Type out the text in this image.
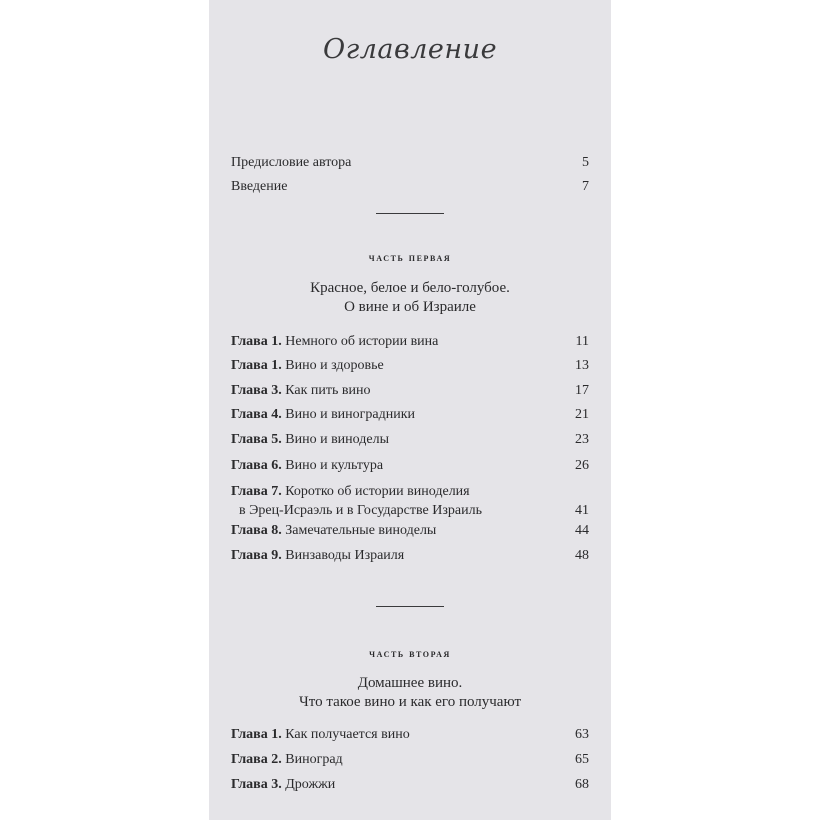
Оглавление
Предисловие автора	5
Введение	7
часть первая
Красное, белое и бело-голубое.
О вине и об Израиле
Глава 1. Немного об истории вина	11
Глава 1. Вино и здоровье	13
Глава 3. Как пить вино	17
Глава 4. Вино и виноградники	21
Глава 5. Вино и виноделы	23
Глава 6. Вино и культура	26
Глава 7. Коротко об истории виноделия
в Эрец-Исраэль и в Государстве Израиль	41
Глава 8. Замечательные виноделы	44
Глава 9. Винзаводы Израиля	48
часть вторая
Домашнее вино.
Что такое вино и как его получают
Глава 1. Как получается вино	63
Глава 2. Виноград	65
Глава 3. Дрожжи	68
